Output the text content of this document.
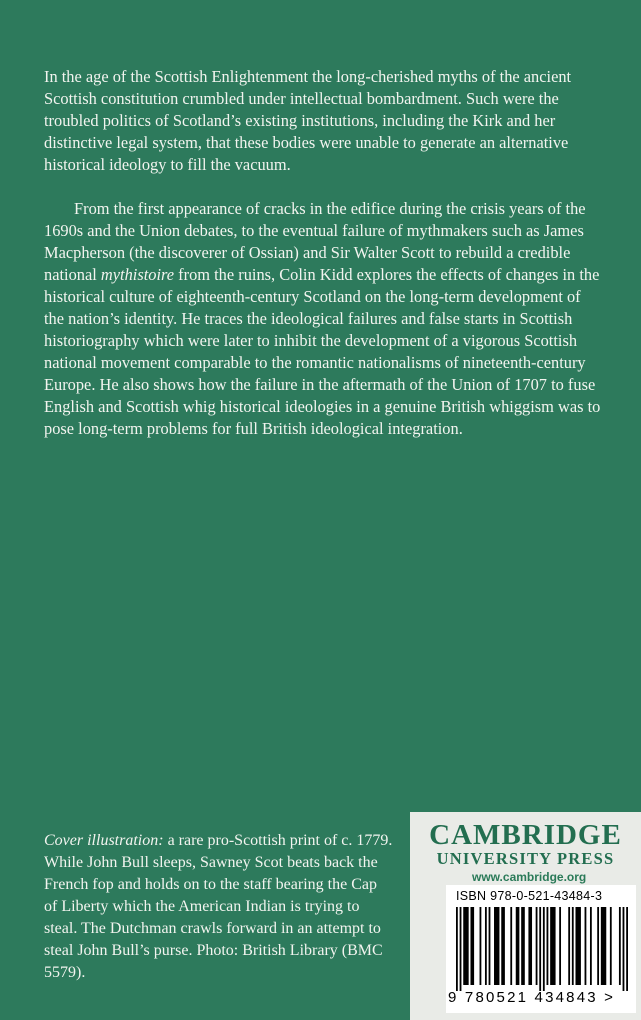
In the age of the Scottish Enlightenment the long-cherished myths of the ancient Scottish constitution crumbled under intellectual bombardment. Such were the troubled politics of Scotland’s existing institutions, including the Kirk and her distinctive legal system, that these bodies were unable to generate an alternative historical ideology to fill the vacuum.

From the first appearance of cracks in the edifice during the crisis years of the 1690s and the Union debates, to the eventual failure of mythmakers such as James Macpherson (the discoverer of Ossian) and Sir Walter Scott to rebuild a credible national mythistoire from the ruins, Colin Kidd explores the effects of changes in the historical culture of eighteenth-century Scotland on the long-term development of the nation’s identity. He traces the ideological failures and false starts in Scottish historiography which were later to inhibit the development of a vigorous Scottish national movement comparable to the romantic nationalisms of nineteenth-century Europe. He also shows how the failure in the aftermath of the Union of 1707 to fuse English and Scottish whig historical ideologies in a genuine British whiggism was to pose long-term problems for full British ideological integration.

Cover illustration: a rare pro-Scottish print of c. 1779. While John Bull sleeps, Sawney Scot beats back the French fop and holds on to the staff bearing the Cap of Liberty which the American Indian is trying to steal. The Dutchman crawls forward in an attempt to steal John Bull’s purse. Photo: British Library (BMC 5579).
CAMBRIDGE
UNIVERSITY PRESS
www.cambridge.org
ISBN 978-0-521-43484-3
9 780521 434843 >
